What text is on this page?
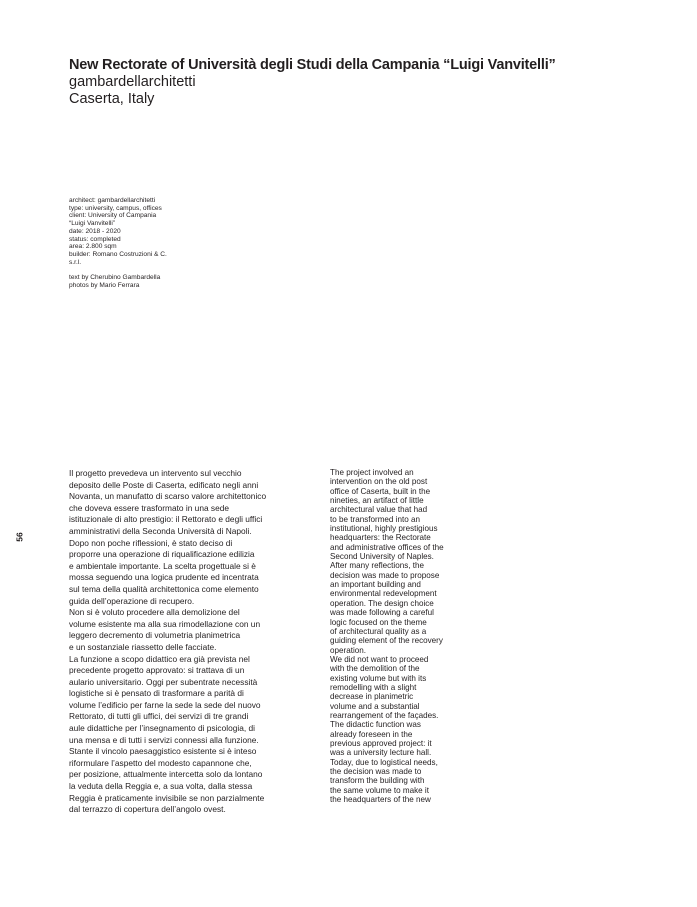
New Rectorate of Università degli Studi della Campania “Luigi Vanvitelli”
gambardellarchitetti
Caserta, Italy
architect: gambardellarchitetti
type: university, campus, offices
client: University of Campania
“Luigi Vanvitelli”
date: 2018 - 2020
status: completed
area: 2.800 sqm
builder: Romano Costruzioni & C.
s.r.l.
text by Cherubino Gambardella
photos by Mario Ferrara
56

Il progetto prevedeva un intervento sul vecchio
deposito delle Poste di Caserta, edificato negli anni
Novanta, un manufatto di scarso valore architettonico
che doveva essere trasformato in una sede
istituzionale di alto prestigio: il Rettorato e degli uffici
amministrativi della Seconda Università di Napoli.
Dopo non poche riflessioni, è stato deciso di
proporre una operazione di riqualificazione edilizia
e ambientale importante. La scelta progettuale si è
mossa seguendo una logica prudente ed incentrata
sul tema della qualità architettonica come elemento
guida dell’operazione di recupero.
Non si è voluto procedere alla demolizione del
volume esistente ma alla sua rimodellazione con un
leggero decremento di volumetria planimetrica
e un sostanziale riassetto delle facciate.
La funzione a scopo didattico era già prevista nel
precedente progetto approvato: si trattava di un
aulario universitario. Oggi per subentrate necessità
logistiche si è pensato di trasformare a parità di
volume l’edificio per farne la sede la sede del nuovo
Rettorato, di tutti gli uffici, dei servizi di tre grandi
aule didattiche per l’insegnamento di psicologia, di
una mensa e di tutti i servizi connessi alla funzione.
Stante il vincolo paesaggistico esistente si è inteso
riformulare l’aspetto del modesto capannone che,
per posizione, attualmente intercetta solo da lontano
la veduta della Reggia e, a sua volta, dalla stessa
Reggia è praticamente invisibile se non parzialmente
dal terrazzo di copertura dell’angolo ovest.

The project involved an
intervention on the old post
office of Caserta, built in the
nineties, an artifact of little
architectural value that had
to be transformed into an
institutional, highly prestigious
headquarters: the Rectorate
and administrative offices of the
Second University of Naples.
After many reflections, the
decision was made to propose
an important building and
environmental redevelopment
operation. The design choice
was made following a careful
logic focused on the theme
of architectural quality as a
guiding element of the recovery
operation.
We did not want to proceed
with the demolition of the
existing volume but with its
remodelling with a slight
decrease in planimetric
volume and a substantial
rearrangement of the façades.
The didactic function was
already foreseen in the
previous approved project: it
was a university lecture hall.
Today, due to logistical needs,
the decision was made to
transform the building with
the same volume to make it
the headquarters of the new
